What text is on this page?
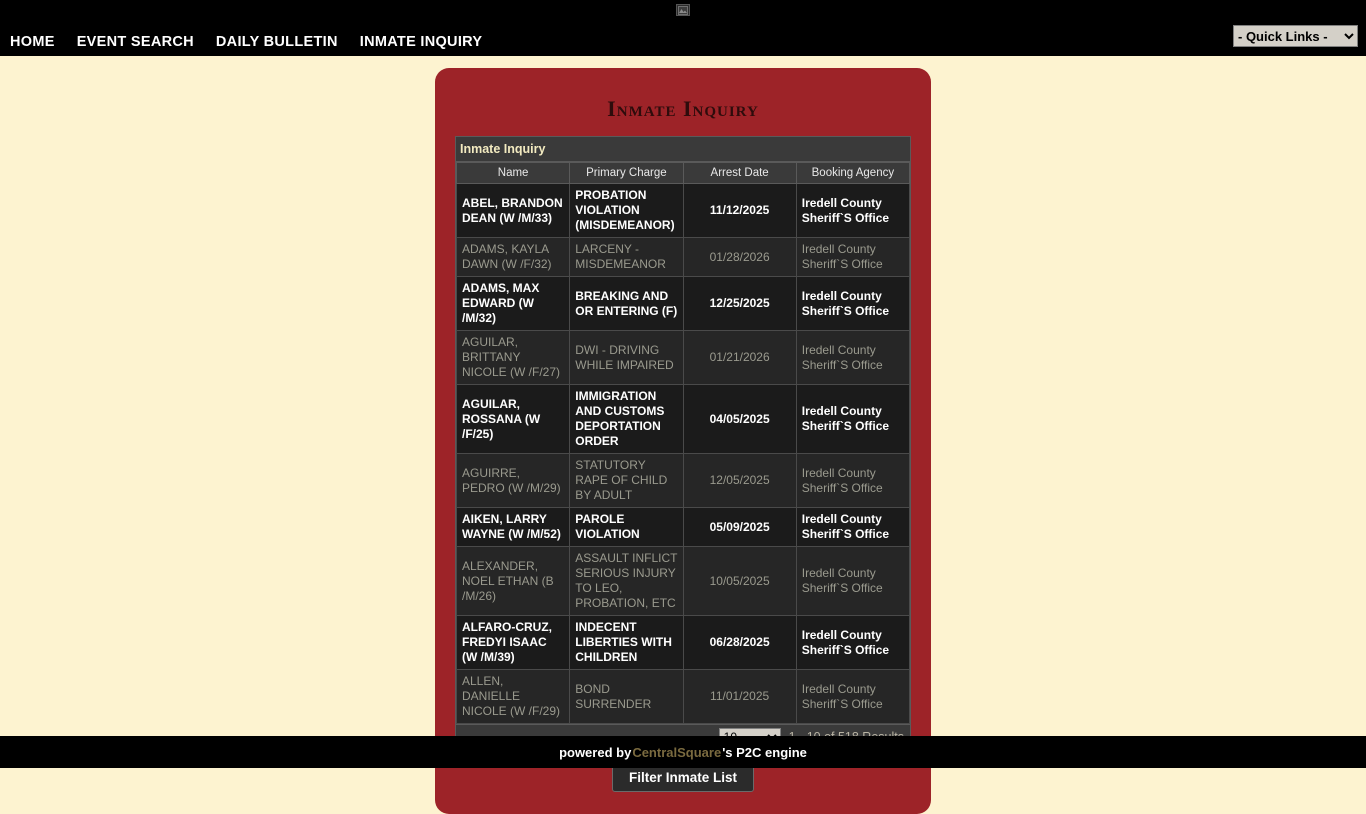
HOME EVENT SEARCH DAILY BULLETIN INMATE INQUIRY
- Quick Links -
Inmate Inquiry
Inmate Inquiry
Name	Primary Charge	Arrest Date	Booking Agency
ABEL, BRANDON DEAN (W /M/33)	PROBATION VIOLATION (MISDEMEANOR)	11/12/2025	Iredell County Sheriff`S Office
ADAMS, KAYLA DAWN (W /F/32)	LARCENY - MISDEMEANOR	01/28/2026	Iredell County Sheriff`S Office
ADAMS, MAX EDWARD (W /M/32)	BREAKING AND OR ENTERING (F)	12/25/2025	Iredell County Sheriff`S Office
AGUILAR, BRITTANY NICOLE (W /F/27)	DWI - DRIVING WHILE IMPAIRED	01/21/2026	Iredell County Sheriff`S Office
AGUILAR, ROSSANA (W /F/25)	IMMIGRATION AND CUSTOMS DEPORTATION ORDER	04/05/2025	Iredell County Sheriff`S Office
AGUIRRE, PEDRO (W /M/29)	STATUTORY RAPE OF CHILD BY ADULT	12/05/2025	Iredell County Sheriff`S Office
AIKEN, LARRY WAYNE (W /M/52)	PAROLE VIOLATION	05/09/2025	Iredell County Sheriff`S Office
ALEXANDER, NOEL ETHAN (B /M/26)	ASSAULT INFLICT SERIOUS INJURY TO LEO, PROBATION, ETC	10/05/2025	Iredell County Sheriff`S Office
ALFARO-CRUZ, FREDYI ISAAC (W /M/39)	INDECENT LIBERTIES WITH CHILDREN	06/28/2025	Iredell County Sheriff`S Office
ALLEN, DANIELLE NICOLE (W /F/29)	BOND SURRENDER	11/01/2025	Iredell County Sheriff`S Office
10
Filter Inmate List
powered by CentralSquare 's P2C engine
